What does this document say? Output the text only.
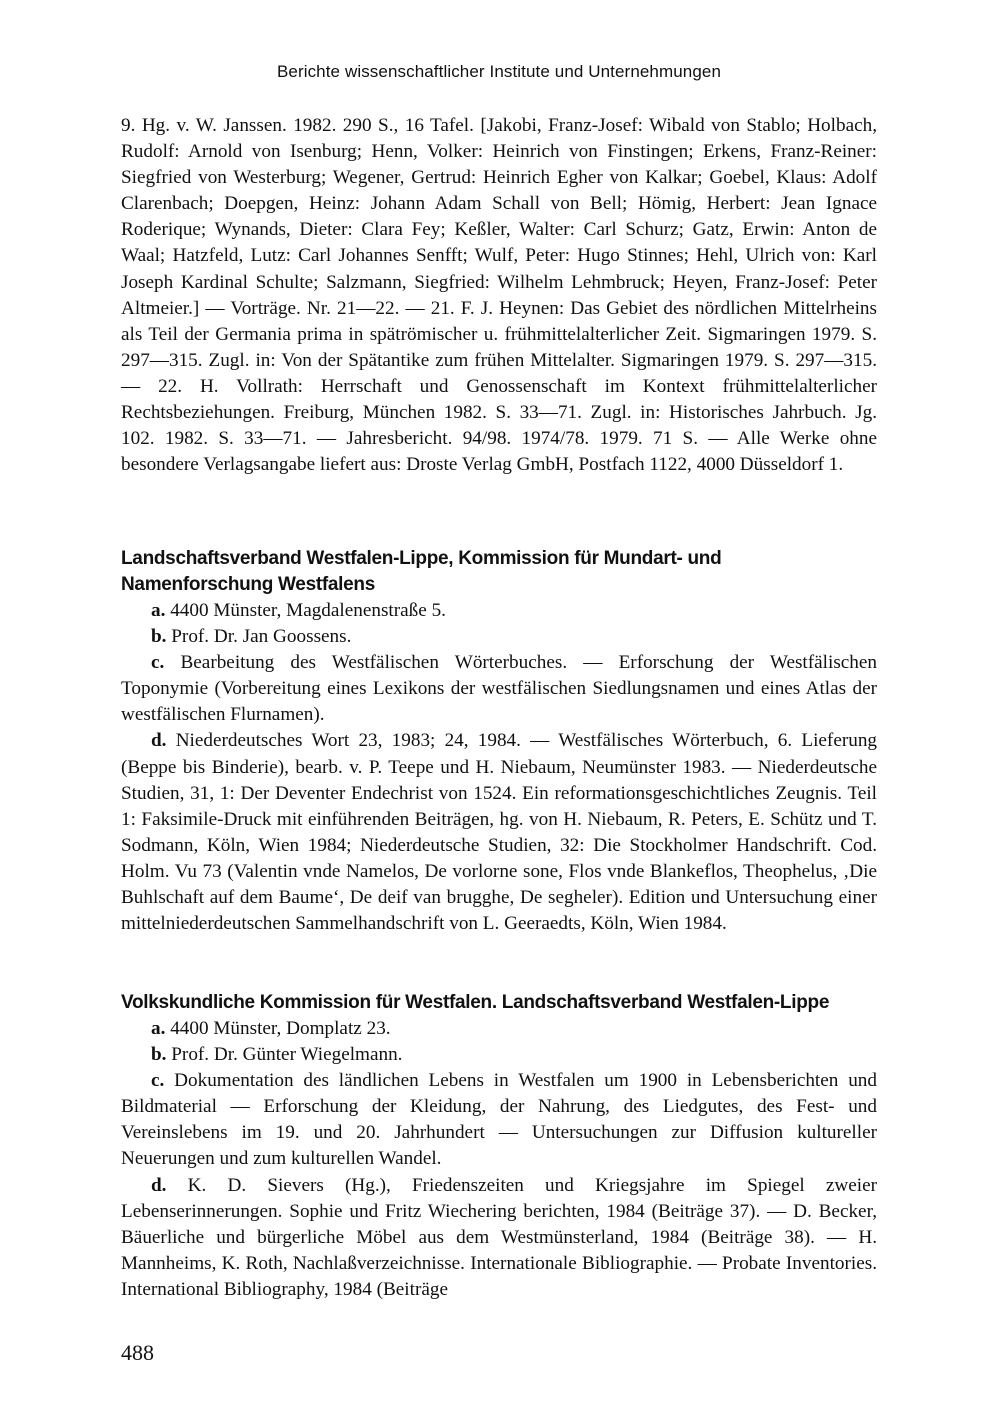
Berichte wissenschaftlicher Institute und Unternehmungen

9. Hg. v. W. Janssen. 1982. 290 S., 16 Tafel. [Jakobi, Franz-Josef: Wibald von Stablo; Holbach, Rudolf: Arnold von Isenburg; Henn, Volker: Heinrich von Finstingen; Erkens, Franz-Reiner: Siegfried von Westerburg; Wegener, Gertrud: Heinrich Egher von Kalkar; Goebel, Klaus: Adolf Clarenbach; Doepgen, Heinz: Johann Adam Schall von Bell; Hömig, Herbert: Jean Ignace Roderique; Wynands, Dieter: Clara Fey; Keßler, Walter: Carl Schurz; Gatz, Erwin: Anton de Waal; Hatzfeld, Lutz: Carl Johannes Senfft; Wulf, Peter: Hugo Stinnes; Hehl, Ulrich von: Karl Joseph Kardinal Schulte; Salzmann, Siegfried: Wilhelm Lehmbruck; Heyen, Franz-Josef: Peter Altmeier.] — Vorträge. Nr. 21—22. — 21. F. J. Heynen: Das Gebiet des nördlichen Mittelrheins als Teil der Germania prima in spätrömischer u. frühmittelalterlicher Zeit. Sigmaringen 1979. S. 297—315. Zugl. in: Von der Spätantike zum frühen Mittelalter. Sigmaringen 1979. S. 297—315. — 22. H. Vollrath: Herrschaft und Genossenschaft im Kontext frühmittelalterlicher Rechtsbeziehungen. Freiburg, München 1982. S. 33—71. Zugl. in: Historisches Jahrbuch. Jg. 102. 1982. S. 33—71. — Jahresbericht. 94/98. 1974/78. 1979. 71 S. — Alle Werke ohne besondere Verlagsangabe liefert aus: Droste Verlag GmbH, Postfach 1122, 4000 Düsseldorf 1.

Landschaftsverband Westfalen-Lippe, Kommission für Mundart- und Namenforschung Westfalens

a. 4400 Münster, Magdalenenstraße 5.

b. Prof. Dr. Jan Goossens.

c. Bearbeitung des Westfälischen Wörterbuches. — Erforschung der Westfälischen Toponymie (Vorbereitung eines Lexikons der westfälischen Siedlungsnamen und eines Atlas der westfälischen Flurnamen).

d. Niederdeutsches Wort 23, 1983; 24, 1984. — Westfälisches Wörterbuch, 6. Lieferung (Beppe bis Binderie), bearb. v. P. Teepe und H. Niebaum, Neumünster 1983. — Niederdeutsche Studien, 31, 1: Der Deventer Endechrist von 1524. Ein reformationsgeschichtliches Zeugnis. Teil 1: Faksimile-Druck mit einführenden Beiträgen, hg. von H. Niebaum, R. Peters, E. Schütz und T. Sodmann, Köln, Wien 1984; Niederdeutsche Studien, 32: Die Stockholmer Handschrift. Cod. Holm. Vu 73 (Valentin vnde Namelos, De vorlorne sone, Flos vnde Blankeflos, Theophelus, ‚Die Buhlschaft auf dem Baume‘, De deif van brugghe, De segheler). Edition und Untersuchung einer mittelniederdeutschen Sammelhandschrift von L. Geeraedts, Köln, Wien 1984.

Volkskundliche Kommission für Westfalen. Landschaftsverband Westfalen-Lippe

a. 4400 Münster, Domplatz 23.

b. Prof. Dr. Günter Wiegelmann.

c. Dokumentation des ländlichen Lebens in Westfalen um 1900 in Lebensberichten und Bildmaterial — Erforschung der Kleidung, der Nahrung, des Liedgutes, des Fest- und Vereinslebens im 19. und 20. Jahrhundert — Untersuchungen zur Diffusion kultureller Neuerungen und zum kulturellen Wandel.

d. K. D. Sievers (Hg.), Friedenszeiten und Kriegsjahre im Spiegel zweier Lebenserinnerungen. Sophie und Fritz Wiechering berichten, 1984 (Beiträge 37). — D. Becker, Bäuerliche und bürgerliche Möbel aus dem Westmünsterland, 1984 (Beiträge 38). — H. Mannheims, K. Roth, Nachlaßverzeichnisse. Internationale Bibliographie. — Probate Inventories. International Bibliography, 1984 (Beiträge

488
